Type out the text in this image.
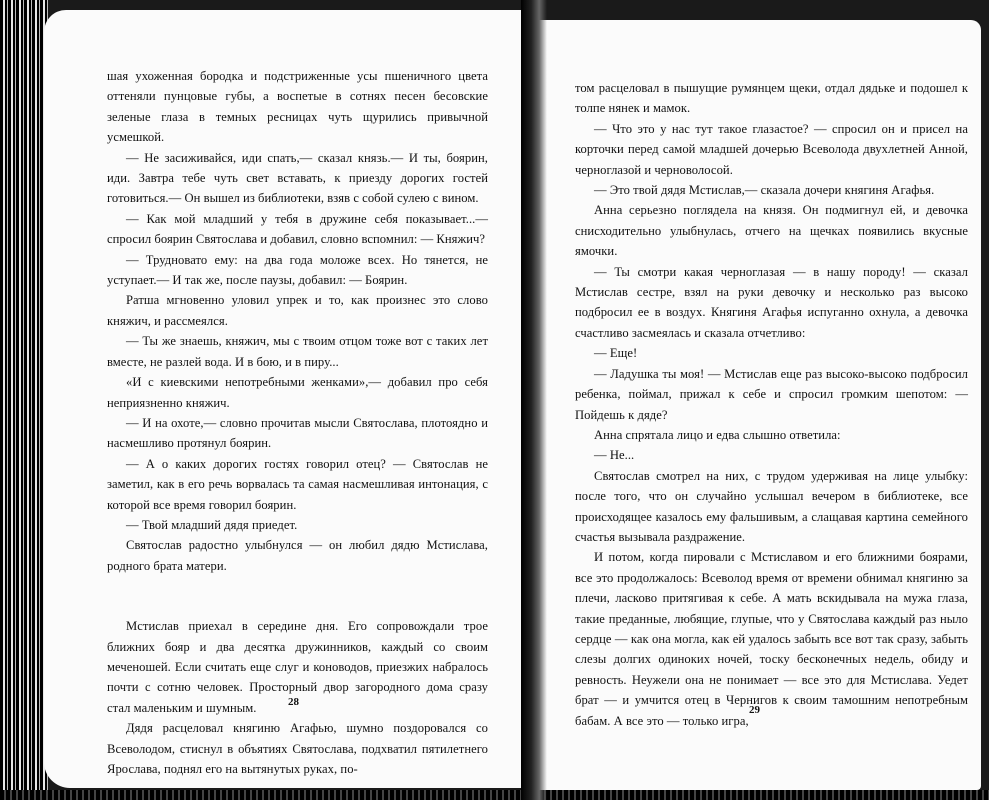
шая ухоженная бородка и подстриженные усы пшеничного цвета оттеняли пунцовые губы, а воспетые в сотнях песен бесовские зеленые глаза в темных ресницах чуть щурились привычной усмешкой.

— Не засиживайся, иди спать,— сказал князь.— И ты, боярин, иди. Завтра тебе чуть свет вставать, к приезду дорогих гостей готовиться.— Он вышел из библиотеки, взяв с собой сулею с вином.

— Как мой младший у тебя в дружине себя показывает...— спросил боярин Святослава и добавил, словно вспомнил: — Княжич?

— Трудновато ему: на два года моложе всех. Но тянется, не уступает.— И так же, после паузы, добавил: — Боярин.

Ратша мгновенно уловил упрек и то, как произнес это слово княжич, и рассмеялся.

— Ты же знаешь, княжич, мы с твоим отцом тоже вот с таких лет вместе, не разлей вода. И в бою, и в пиру...

«И с киевскими непотребными женками»,— добавил про себя неприязненно княжич.

— И на охоте,— словно прочитав мысли Святослава, плотоядно и насмешливо протянул боярин.

— А о каких дорогих гостях говорил отец? — Святослав не заметил, как в его речь ворвалась та самая насмешливая интонация, с которой все время говорил боярин.

— Твой младший дядя приедет.

Святослав радостно улыбнулся — он любил дядю Мстислава, родного брата матери.

Мстислав приехал в середине дня. Его сопровождали трое ближних бояр и два десятка дружинников, каждый со своим меченошей. Если считать еще слуг и коноводов, приезжих набралось почти с сотню человек. Просторный двор загородного дома сразу стал маленьким и шумным.

Дядя расцеловал княгиню Агафью, шумно поздоровался со Всеволодом, стиснул в объятиях Святослава, подхватил пятилетнего Ярослава, поднял его на вытянутых руках, по-

28

том расцеловал в пышущие румянцем щеки, отдал дядьке и подошел к толпе нянек и мамок.

— Что это у нас тут такое глазастое? — спросил он и присел на корточки перед самой младшей дочерью Всеволода двухлетней Анной, черноглазой и черноволосой.

— Это твой дядя Мстислав,— сказала дочери княгиня Агафья.

Анна серьезно поглядела на князя. Он подмигнул ей, и девочка снисходительно улыбнулась, отчего на щечках появились вкусные ямочки.

— Ты смотри какая черноглазая — в нашу породу! — сказал Мстислав сестре, взял на руки девочку и несколько раз высоко подбросил ее в воздух. Княгиня Агафья испуганно охнула, а девочка счастливо засмеялась и сказала отчетливо:

— Еще!

— Ладушка ты моя! — Мстислав еще раз высоко-высоко подбросил ребенка, поймал, прижал к себе и спросил громким шепотом: — Пойдешь к дяде?

Анна спрятала лицо и едва слышно ответила:

— Не...

Святослав смотрел на них, с трудом удерживая на лице улыбку: после того, что он случайно услышал вечером в библиотеке, все происходящее казалось ему фальшивым, а слащавая картина семейного счастья вызывала раздражение.

И потом, когда пировали с Мстиславом и его ближними боярами, все это продолжалось: Всеволод время от времени обнимал княгиню за плечи, ласково притягивая к себе. А мать вскидывала на мужа глаза, такие преданные, любящие, глупые, что у Святослава каждый раз ныло сердце — как она могла, как ей удалось забыть все вот так сразу, забыть слезы долгих одиноких ночей, тоску бесконечных недель, обиду и ревность. Неужели она не понимает — все это для Мстислава. Уедет брат — и умчится отец в Чернигов к своим тамошним непотребным бабам. А все это — только игра,

29
